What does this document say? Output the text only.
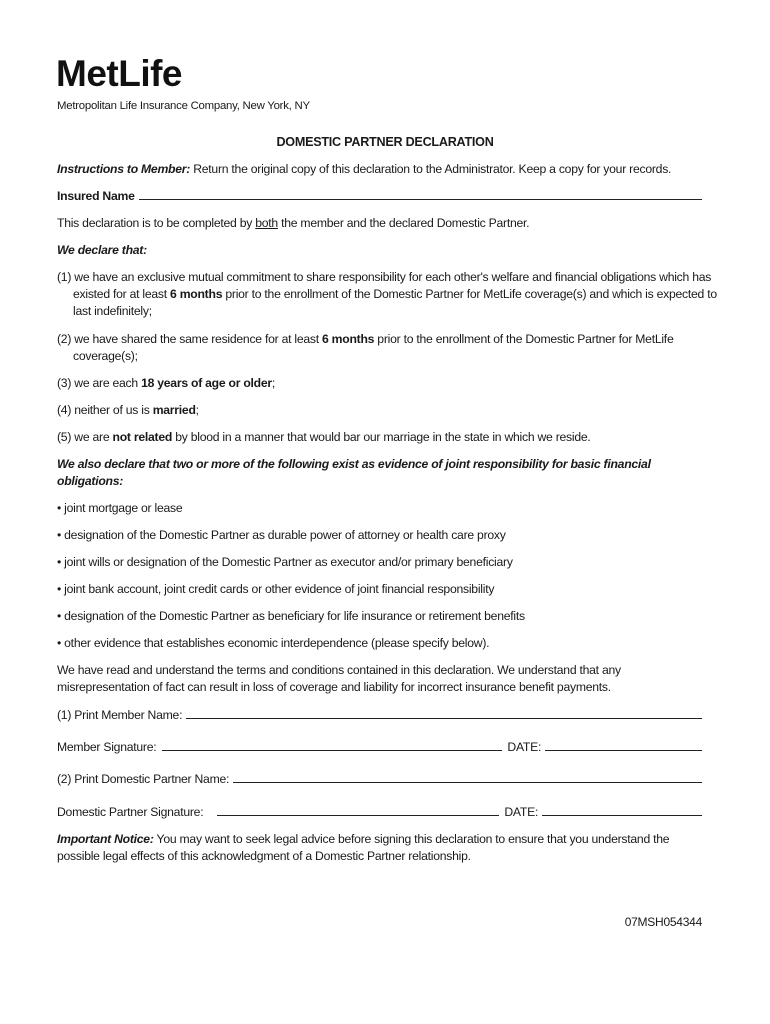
MetLife
Metropolitan Life Insurance Company, New York, NY
DOMESTIC PARTNER DECLARATION
Instructions to Member: Return the original copy of this declaration to the Administrator. Keep a copy for your records.
Insured Name
This declaration is to be completed by both the member and the declared Domestic Partner.
We declare that:
(1) we have an exclusive mutual commitment to share responsibility for each other's welfare and financial obligations which has existed for at least 6 months prior to the enrollment of the Domestic Partner for MetLife coverage(s) and which is expected to last indefinitely;
(2) we have shared the same residence for at least 6 months prior to the enrollment of the Domestic Partner for MetLife coverage(s);
(3) we are each 18 years of age or older;
(4) neither of us is married;
(5) we are not related by blood in a manner that would bar our marriage in the state in which we reside.
We also declare that two or more of the following exist as evidence of joint responsibility for basic financial obligations:
• joint mortgage or lease
• designation of the Domestic Partner as durable power of attorney or health care proxy
• joint wills or designation of the Domestic Partner as executor and/or primary beneficiary
• joint bank account, joint credit cards or other evidence of joint financial responsibility
• designation of the Domestic Partner as beneficiary for life insurance or retirement benefits
• other evidence that establishes economic interdependence (please specify below).
We have read and understand the terms and conditions contained in this declaration. We understand that any misrepresentation of fact can result in loss of coverage and liability for incorrect insurance benefit payments.
(1) Print Member Name:
Member Signature:	DATE:
(2) Print Domestic Partner Name:
Domestic Partner Signature:	DATE:
Important Notice: You may want to seek legal advice before signing this declaration to ensure that you understand the possible legal effects of this acknowledgment of a Domestic Partner relationship.
07MSH054344
